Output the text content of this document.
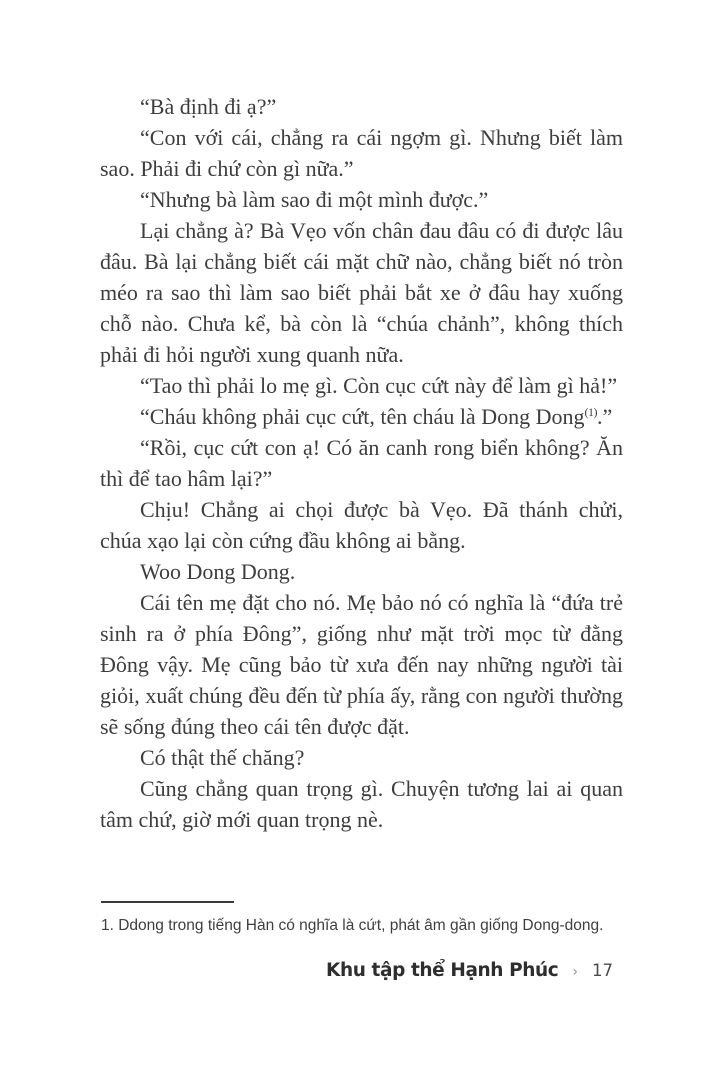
“Bà định đi ạ?”

“Con với cái, chẳng ra cái ngợm gì. Nhưng biết làm sao. Phải đi chứ còn gì nữa.”

“Nhưng bà làm sao đi một mình được.”

Lại chẳng à? Bà Vẹo vốn chân đau đâu có đi được lâu đâu. Bà lại chẳng biết cái mặt chữ nào, chẳng biết nó tròn méo ra sao thì làm sao biết phải bắt xe ở đâu hay xuống chỗ nào. Chưa kể, bà còn là “chúa chảnh”, không thích phải đi hỏi người xung quanh nữa.

“Tao thì phải lo mẹ gì. Còn cục cứt này để làm gì hả!”

“Cháu không phải cục cứt, tên cháu là Dong Dong$^{(1)}$.”

“Rồi, cục cứt con ạ! Có ăn canh rong biển không? Ăn thì để tao hâm lại?”

Chịu! Chẳng ai chọi được bà Vẹo. Đã thánh chửi, chúa xạo lại còn cứng đầu không ai bằng.

Woo Dong Dong.

Cái tên mẹ đặt cho nó. Mẹ bảo nó có nghĩa là “đứa trẻ sinh ra ở phía Đông”, giống như mặt trời mọc từ đằng Đông vậy. Mẹ cũng bảo từ xưa đến nay những người tài giỏi, xuất chúng đều đến từ phía ấy, rằng con người thường sẽ sống đúng theo cái tên được đặt.

Có thật thế chăng?

Cũng chẳng quan trọng gì. Chuyện tương lai ai quan tâm chứ, giờ mới quan trọng nè.

1. Ddong trong tiếng Hàn có nghĩa là cứt, phát âm gần giống Dong-dong.
Khu tập thể Hạnh Phúc › 17
